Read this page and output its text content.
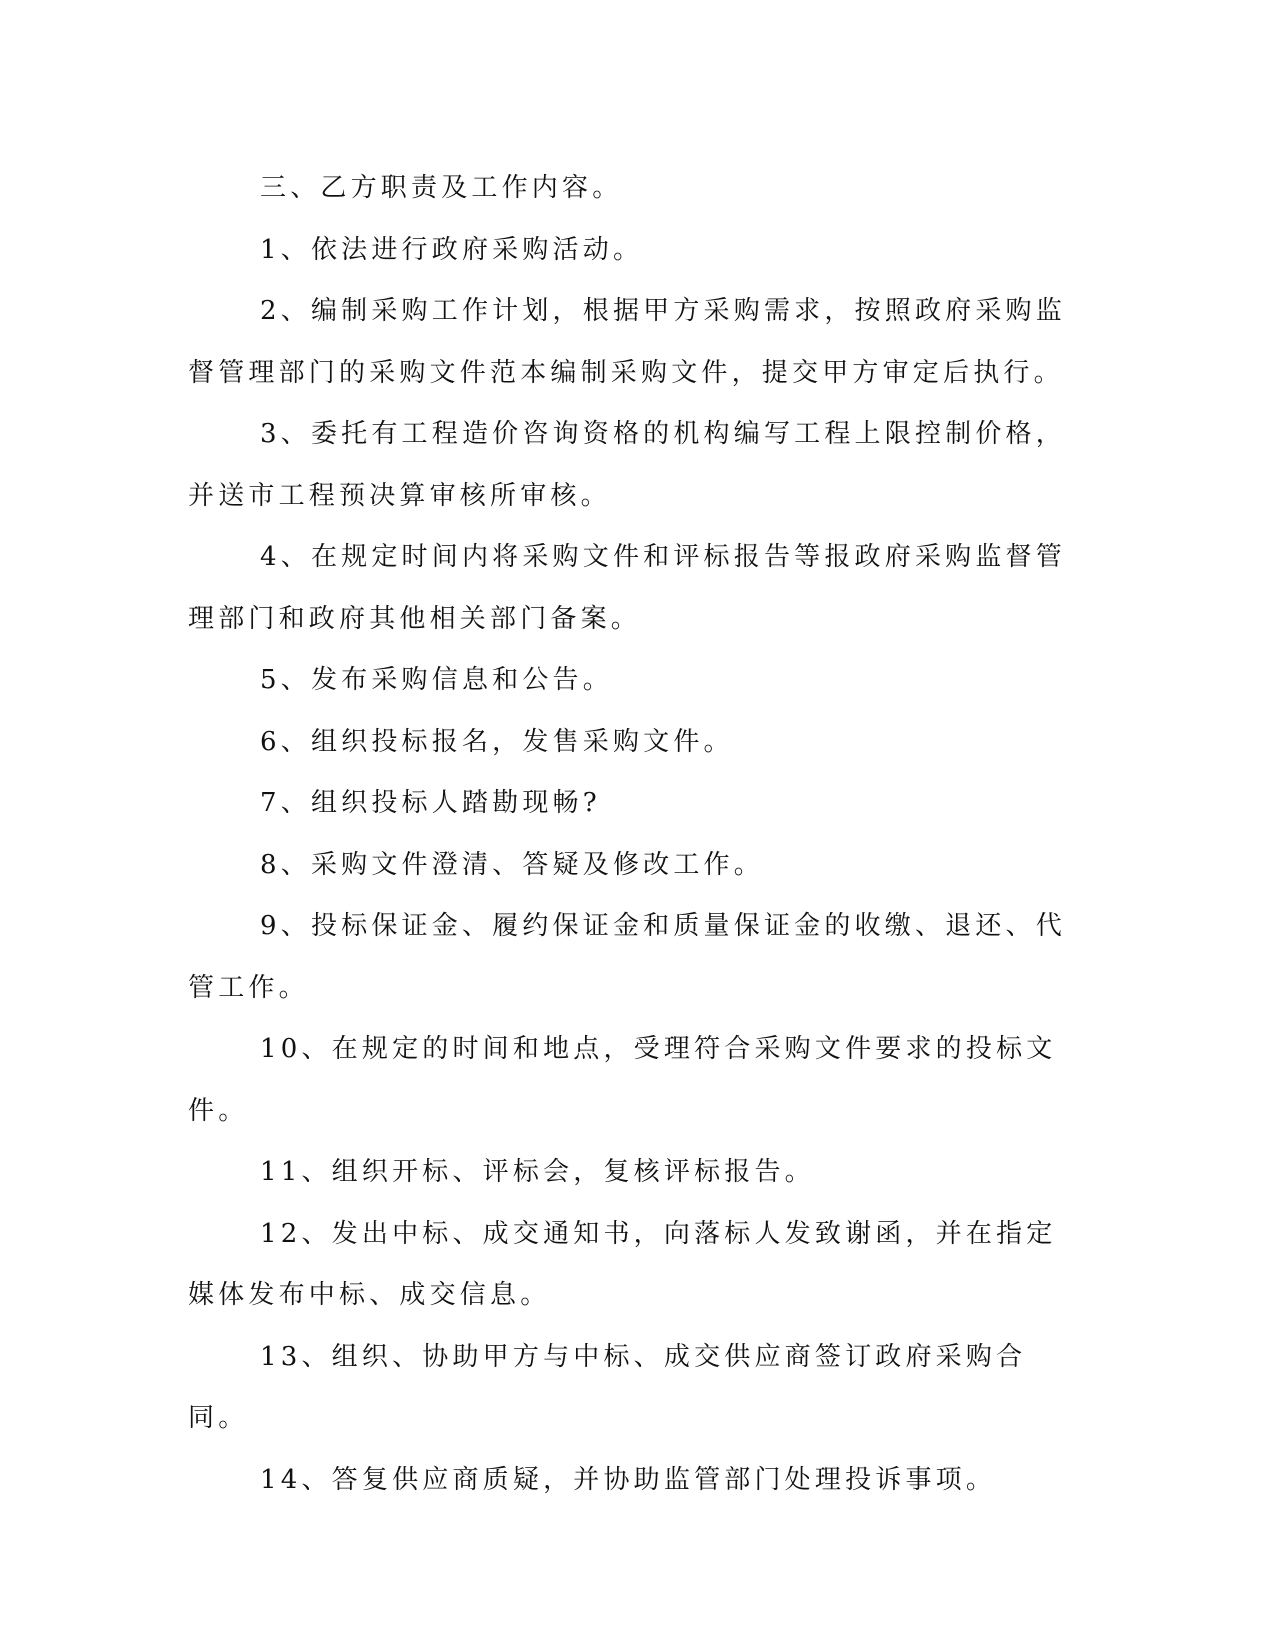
三、乙方职责及工作内容。

1、依法进行政府采购活动。

2、编制采购工作计划，根据甲方采购需求，按照政府采购监督管理部门的采购文件范本编制采购文件，提交甲方审定后执行。

3、委托有工程造价咨询资格的机构编写工程上限控制价格，并送市工程预决算审核所审核。

4、在规定时间内将采购文件和评标报告等报政府采购监督管理部门和政府其他相关部门备案。

5、发布采购信息和公告。

6、组织投标报名，发售采购文件。

7、组织投标人踏勘现畅?

8、采购文件澄清、答疑及修改工作。

9、投标保证金、履约保证金和质量保证金的收缴、退还、代管工作。

10、在规定的时间和地点，受理符合采购文件要求的投标文件。

11、组织开标、评标会，复核评标报告。

12、发出中标、成交通知书，向落标人发致谢函，并在指定媒体发布中标、成交信息。

13、组织、协助甲方与中标、成交供应商签订政府采购合同。

14、答复供应商质疑，并协助监管部门处理投诉事项。
